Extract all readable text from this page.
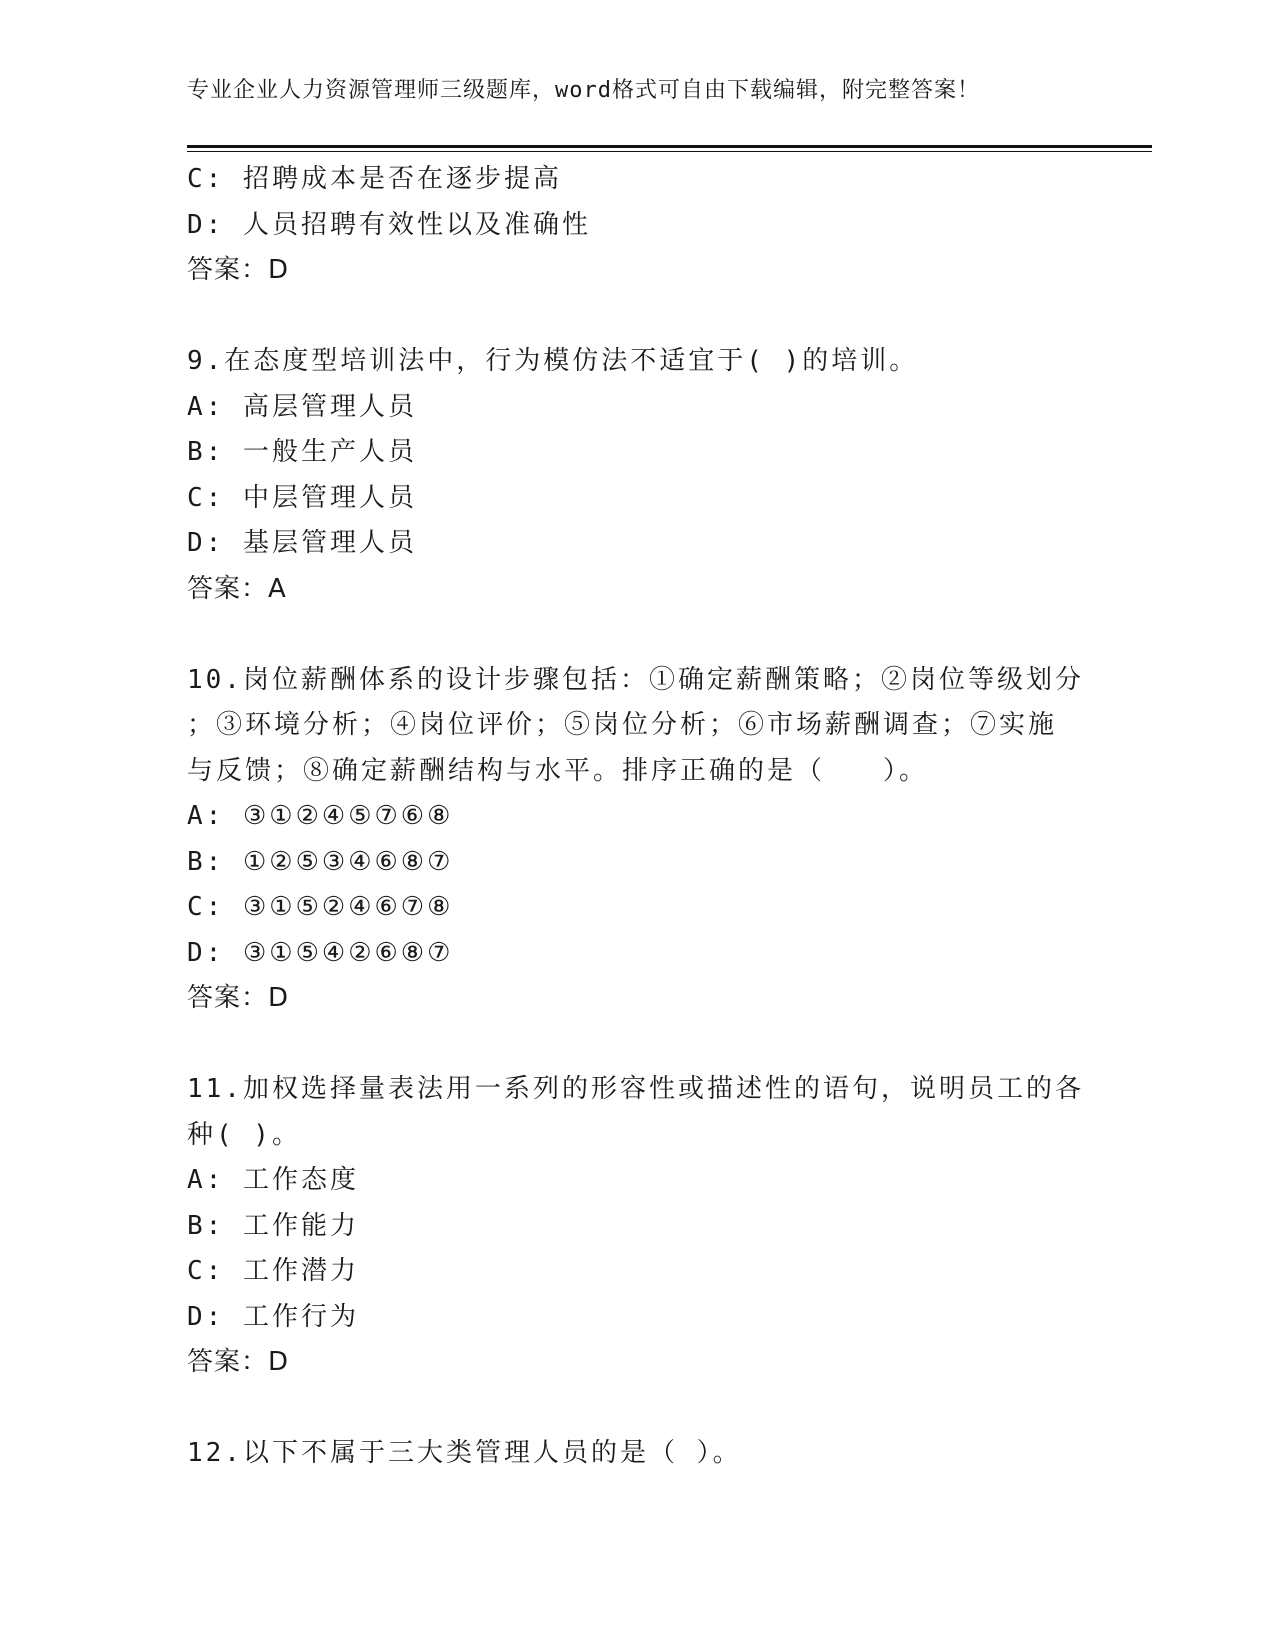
专业企业人力资源管理师三级题库，word格式可自由下载编辑，附完整答案！
C: 招聘成本是否在逐步提高
D: 人员招聘有效性以及准确性
答案：D
9.在态度型培训法中，行为模仿法不适宜于( )的培训。
A: 高层管理人员
B: 一般生产人员
C: 中层管理人员
D: 基层管理人员
答案：A
10.岗位薪酬体系的设计步骤包括：①确定薪酬策略；②岗位等级划分
；③环境分析；④岗位评价；⑤岗位分析；⑥市场薪酬调查；⑦实施
与反馈；⑧确定薪酬结构与水平。排序正确的是（　　）。
A: ③①②④⑤⑦⑥⑧
B: ①②⑤③④⑥⑧⑦
C: ③①⑤②④⑥⑦⑧
D: ③①⑤④②⑥⑧⑦
答案：D
11.加权选择量表法用一系列的形容性或描述性的语句，说明员工的各
种( )。
A: 工作态度
B: 工作能力
C: 工作潜力
D: 工作行为
答案：D
12.以下不属于三大类管理人员的是（ ）。
